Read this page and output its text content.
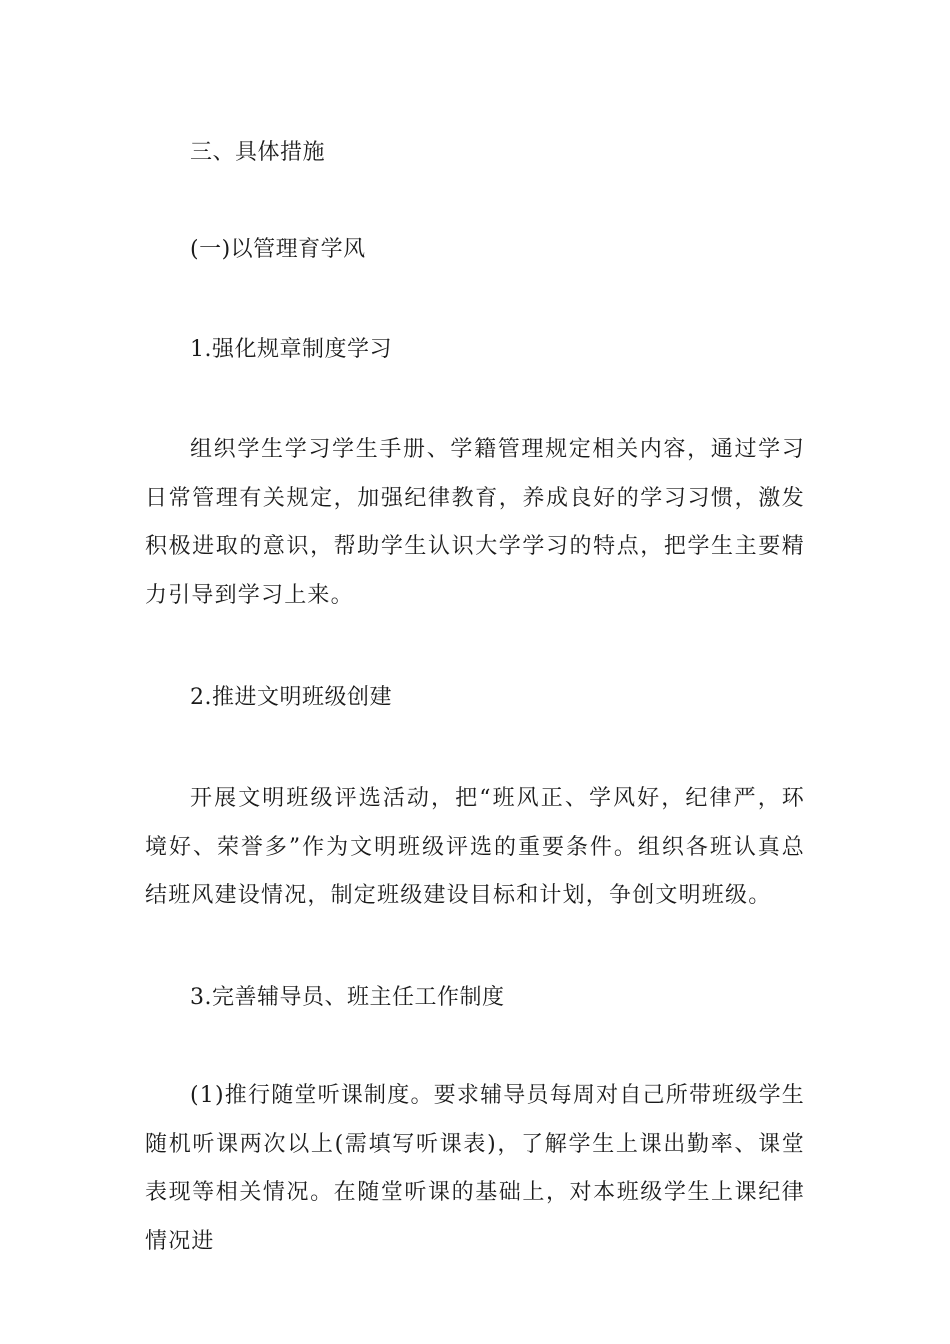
三、具体措施
(一)以管理育学风
1.强化规章制度学习
组织学生学习学生手册、学籍管理规定相关内容，通过学习日常管理有关规定，加强纪律教育，养成良好的学习习惯，激发积极进取的意识，帮助学生认识大学学习的特点，把学生主要精力引导到学习上来。
2.推进文明班级创建
开展文明班级评选活动，把“班风正、学风好，纪律严，环境好、荣誉多”作为文明班级评选的重要条件。组织各班认真总结班风建设情况，制定班级建设目标和计划，争创文明班级。
3.完善辅导员、班主任工作制度
(1)推行随堂听课制度。要求辅导员每周对自己所带班级学生随机听课两次以上(需填写听课表)，了解学生上课出勤率、课堂表现等相关情况。在随堂听课的基础上，对本班级学生上课纪律情况进
